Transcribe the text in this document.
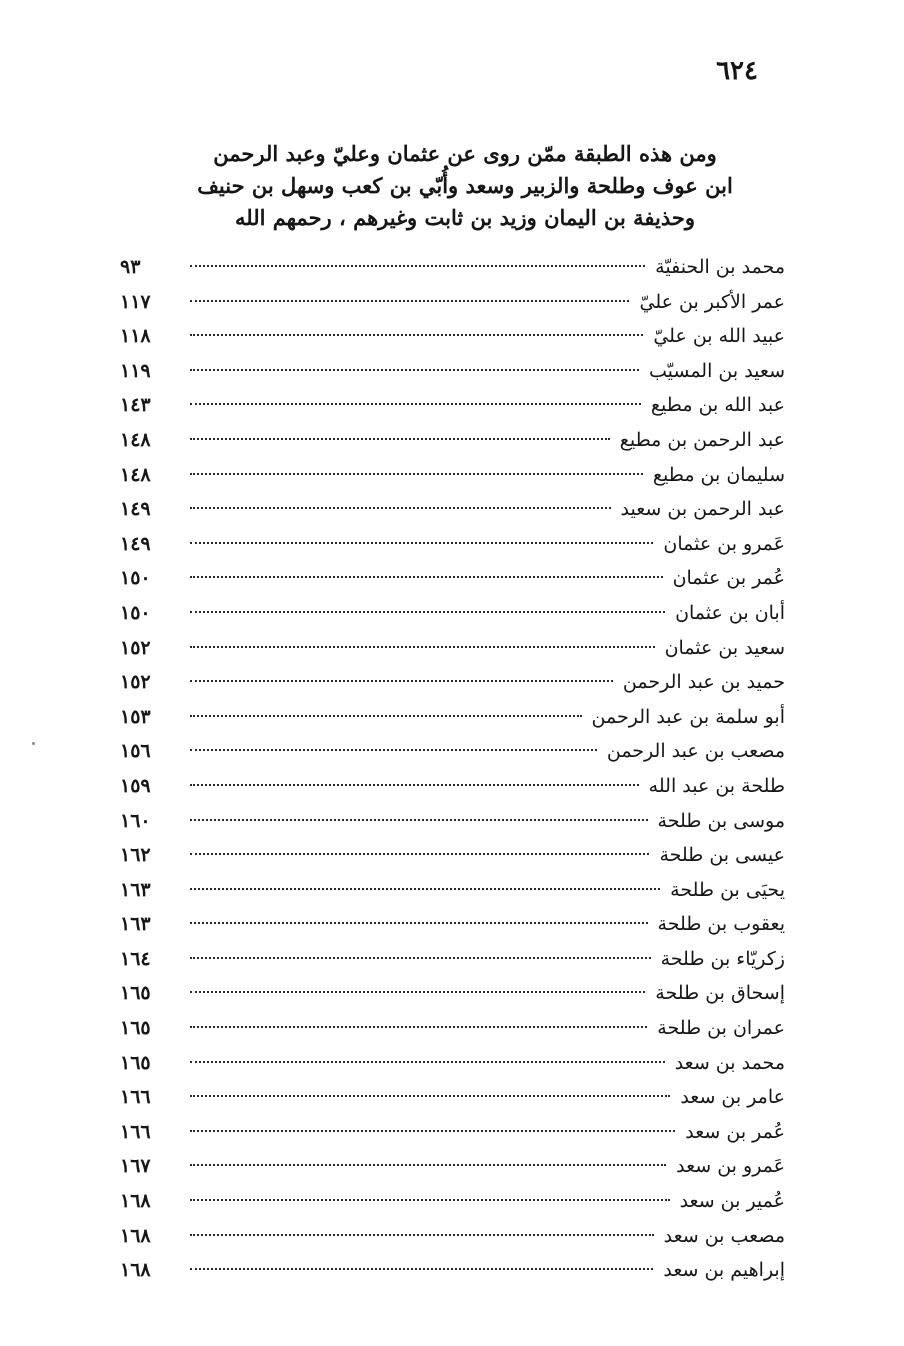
٦٢٤
ومن هذه الطبقة ممّن روى عن عثمان وعليّ وعبد الرحمن
ابن عوف وطلحة والزبير وسعد وأُبّي بن كعب وسهل بن حنيف
وحذيفة بن اليمان وزيد بن ثابت وغيرهم ، رحمهم الله
محمد بن الحنفيّة
٩٣
عمر الأكبر بن عليّ
١١٧
عبيد الله بن عليّ
١١٨
سعيد بن المسيّب
١١٩
عبد الله بن مطيع
١٤٣
عبد الرحمن بن مطيع
١٤٨
سليمان بن مطيع
١٤٨
عبد الرحمن بن سعيد
١٤٩
عَمرو بن عثمان
١٤٩
عُمر بن عثمان
١٥٠
أبان بن عثمان
١٥٠
سعيد بن عثمان
١٥٢
حميد بن عبد الرحمن
١٥٢
أبو سلمة بن عبد الرحمن
١٥٣
مصعب بن عبد الرحمن
١٥٦
طلحة بن عبد الله
١٥٩
موسى بن طلحة
١٦٠
عيسى بن طلحة
١٦٢
يحيَى بن طلحة
١٦٣
يعقوب بن طلحة
١٦٣
زكريّاء بن طلحة
١٦٤
إسحاق بن طلحة
١٦٥
عمران بن طلحة
١٦٥
محمد بن سعد
١٦٥
عامر بن سعد
١٦٦
عُمر بن سعد
١٦٦
عَمرو بن سعد
١٦٧
عُمير بن سعد
١٦٨
مصعب بن سعد
١٦٨
إبراهيم بن سعد
١٦٨
